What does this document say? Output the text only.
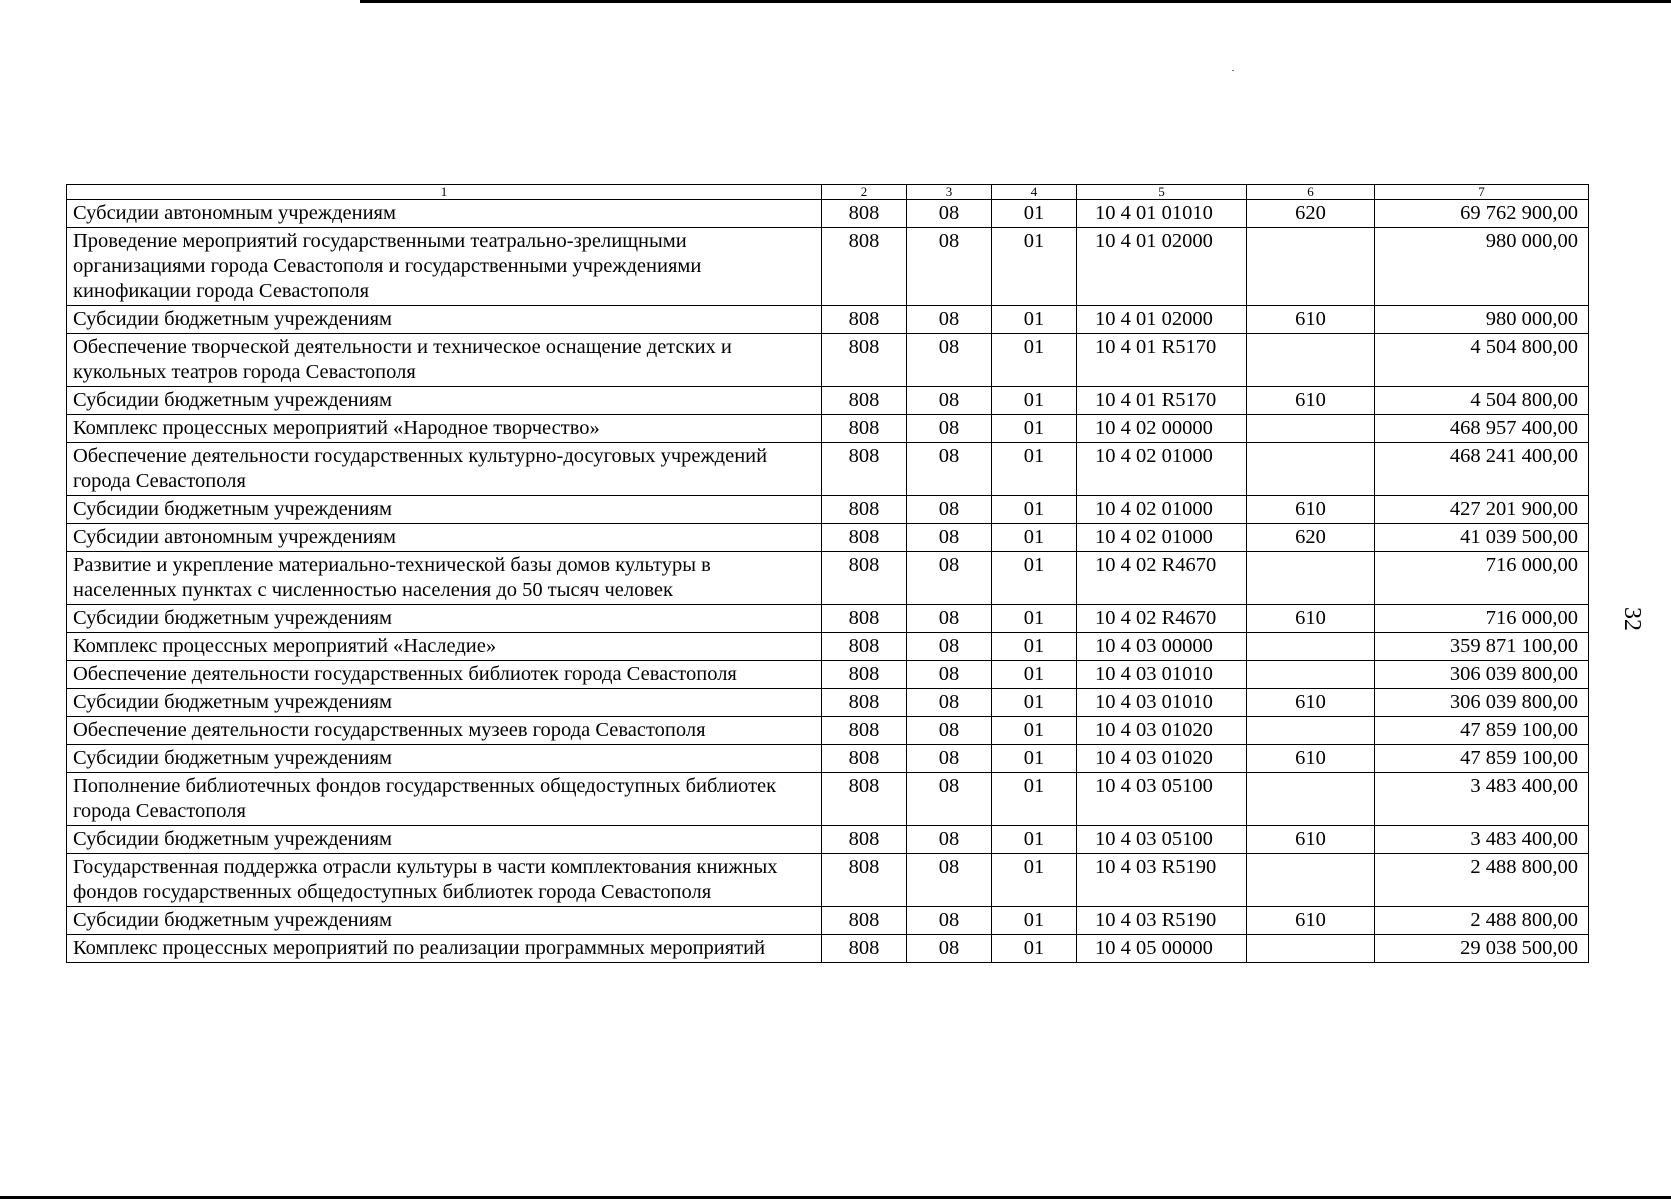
32
1	2	3	4	5	6	7
Субсидии автономным учреждениям	808	08	01	10 4 01 01010	620	69 762 900,00
Проведение мероприятий государственными театрально-зрелищными организациями города Севастополя и государственными учреждениями кинофикации города Севастополя	808	08	01	10 4 01 02000		980 000,00
Субсидии бюджетным учреждениям	808	08	01	10 4 01 02000	610	980 000,00
Обеспечение творческой деятельности и техническое оснащение детских и кукольных театров города Севастополя	808	08	01	10 4 01 R5170		4 504 800,00
Субсидии бюджетным учреждениям	808	08	01	10 4 01 R5170	610	4 504 800,00
Комплекс процессных мероприятий «Народное творчество»	808	08	01	10 4 02 00000		468 957 400,00
Обеспечение деятельности государственных культурно-досуговых учреждений города Севастополя	808	08	01	10 4 02 01000		468 241 400,00
Субсидии бюджетным учреждениям	808	08	01	10 4 02 01000	610	427 201 900,00
Субсидии автономным учреждениям	808	08	01	10 4 02 01000	620	41 039 500,00
Развитие и укрепление материально-технической базы домов культуры в населенных пунктах с численностью населения до 50 тысяч человек	808	08	01	10 4 02 R4670		716 000,00
Субсидии бюджетным учреждениям	808	08	01	10 4 02 R4670	610	716 000,00
Комплекс процессных мероприятий «Наследие»	808	08	01	10 4 03 00000		359 871 100,00
Обеспечение деятельности государственных библиотек города Севастополя	808	08	01	10 4 03 01010		306 039 800,00
Субсидии бюджетным учреждениям	808	08	01	10 4 03 01010	610	306 039 800,00
Обеспечение деятельности государственных музеев города Севастополя	808	08	01	10 4 03 01020		47 859 100,00
Субсидии бюджетным учреждениям	808	08	01	10 4 03 01020	610	47 859 100,00
Пополнение библиотечных фондов государственных общедоступных библиотек города Севастополя	808	08	01	10 4 03 05100		3 483 400,00
Субсидии бюджетным учреждениям	808	08	01	10 4 03 05100	610	3 483 400,00
Государственная поддержка отрасли культуры в части комплектования книжных фондов государственных общедоступных библиотек города Севастополя	808	08	01	10 4 03 R5190		2 488 800,00
Субсидии бюджетным учреждениям	808	08	01	10 4 03 R5190	610	2 488 800,00
Комплекс процессных мероприятий по реализации программных мероприятий	808	08	01	10 4 05 00000		29 038 500,00
